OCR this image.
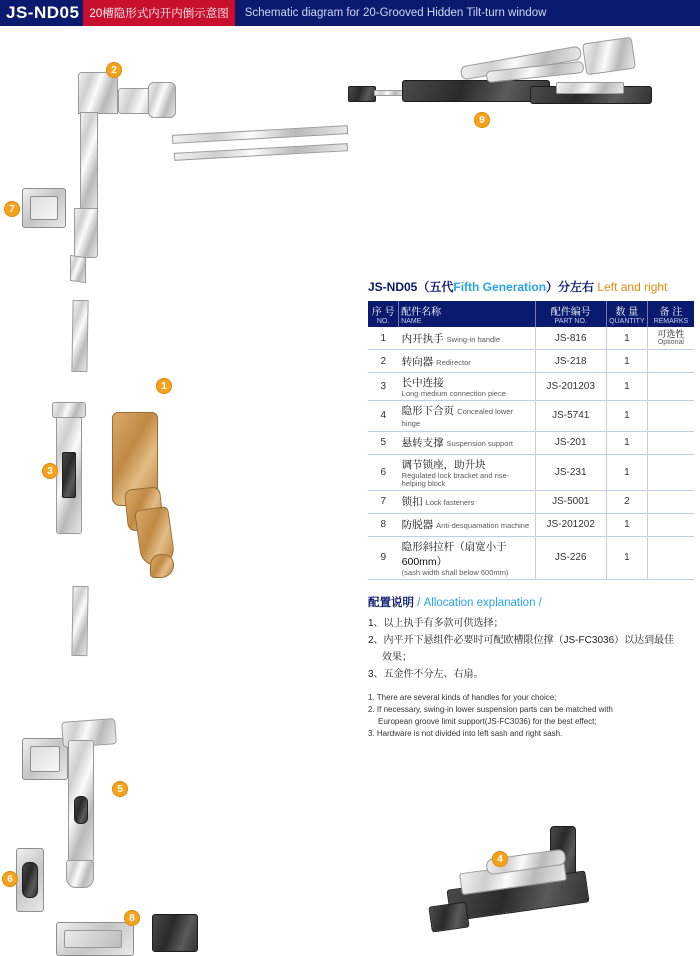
JS-ND05 20槽隐形式内开内倒示意图	Schematic diagram for 20-Grooved Hidden Tilt-turn window
2
7
1
3
5
6
8
9
4
JS-ND05（五代Fifth Generation）分左右 Left and right
序 号
NO.	配件名称
NAME	配件编号
PART NO.	数 量
QUANTITY	备 注
REMARKS

1	内开执手 Swing-in handle	JS-816	1	可选性
Optional

2	转向器 Redirector	JS-218	1	
3	长中连接
Long·medium connection piece	JS-201203	1	
4	隐形下合页 Concealed lower hinge	JS-5741	1	
5	悬转支撑 Suspension support	JS-201	1	
6	调节锁座，助升块
Regulated lock bracket and rise-helping block	JS-231	1	
7	锁扣 Lock fasteners	JS-5001	2	
8	防脱器 Anti-desquamation machine	JS-201202	1	
9	隐形斜拉杆（扇宽小于600mm）
(sash width shall below 600mm)	JS-226	1	
配置说明 / Allocation explanation /
1、以上执手有多款可供选择；
2、内平开下悬组件必要时可配欧槽限位撑（JS-FC3036）以达到最佳
效果；
3、五金件不分左、右扇。
1. There are several kinds of handles for your choice;
2. If necessary, swing-in lower suspension parts can be matched with
European groove limit support(JS-FC3036) for the best effect;
3. Hardware is not divided into left sash and right sash.
